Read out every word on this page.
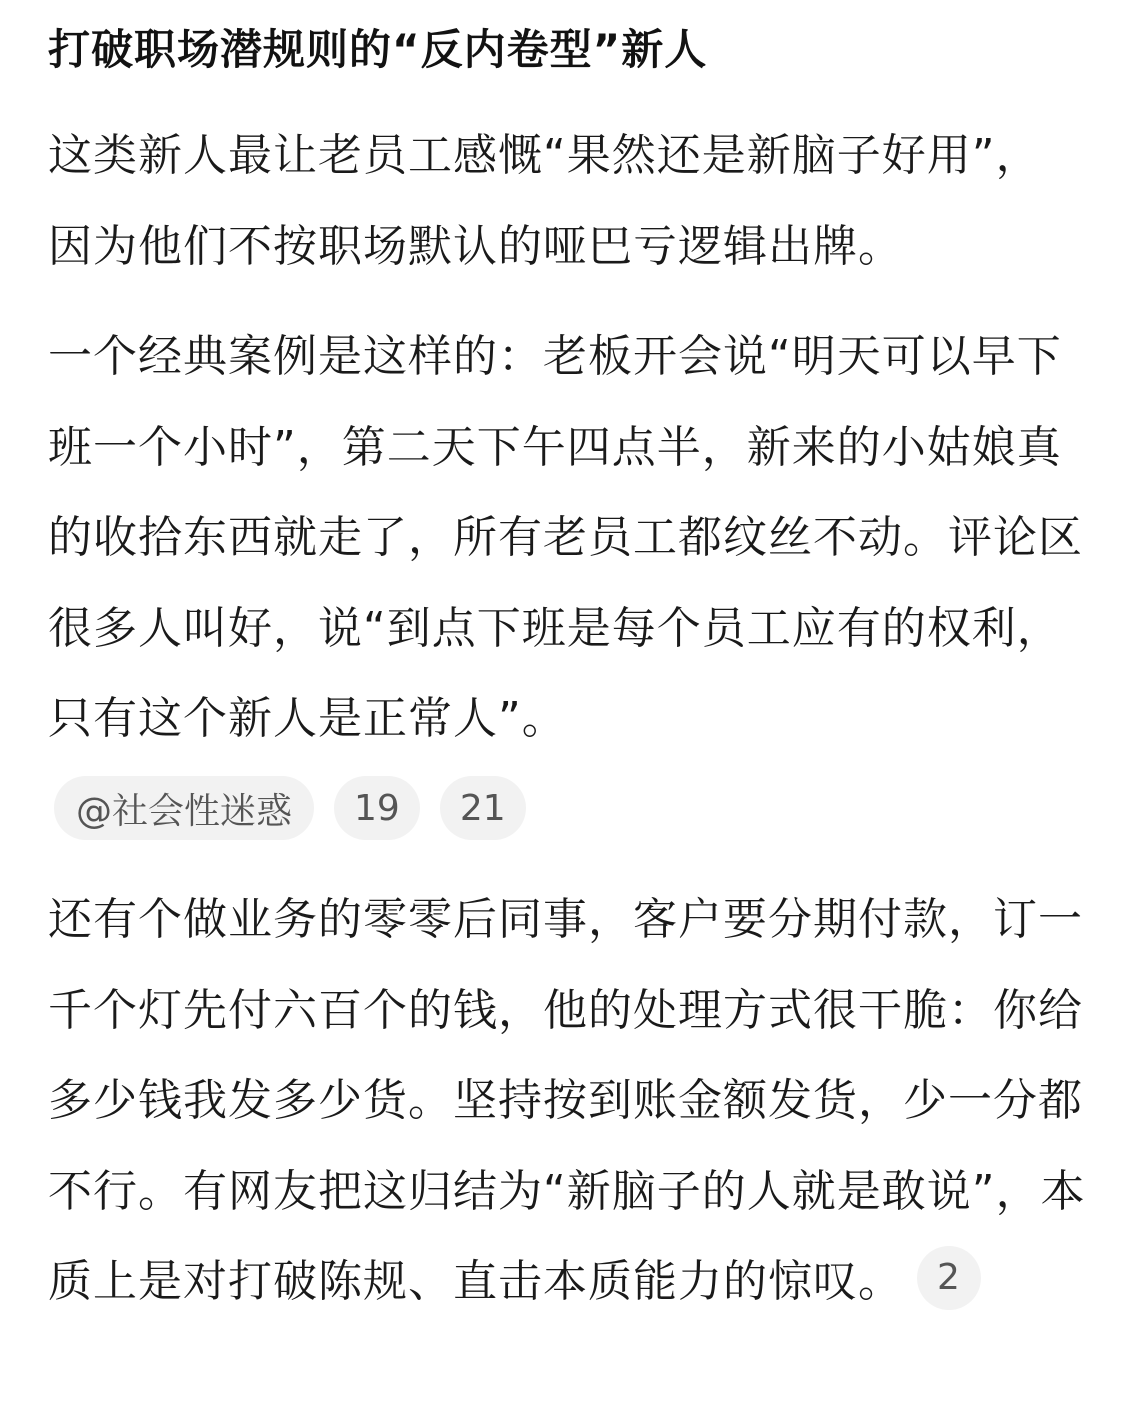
打破职场潜规则的“反内卷型”新人

这类新人最让老员工感慨“果然还是新脑子好用”，因为他们不按职场默认的哑巴亏逻辑出牌。

一个经典案例是这样的：老板开会说“明天可以早下班一个小时”，第二天下午四点半，新来的小姑娘真的收拾东西就走了，所有老员工都纹丝不动。评论区很多人叫好，说“到点下班是每个员工应有的权利，只有这个新人是正常人”。

@社会性迷惑	19	21

还有个做业务的零零后同事，客户要分期付款，订一千个灯先付六百个的钱，他的处理方式很干脆：你给多少钱我发多少货。坚持按到账金额发货，少一分都不行。有网友把这归结为“新脑子的人就是敢说”，本质上是对打破陈规、直击本质能力的惊叹。 2
